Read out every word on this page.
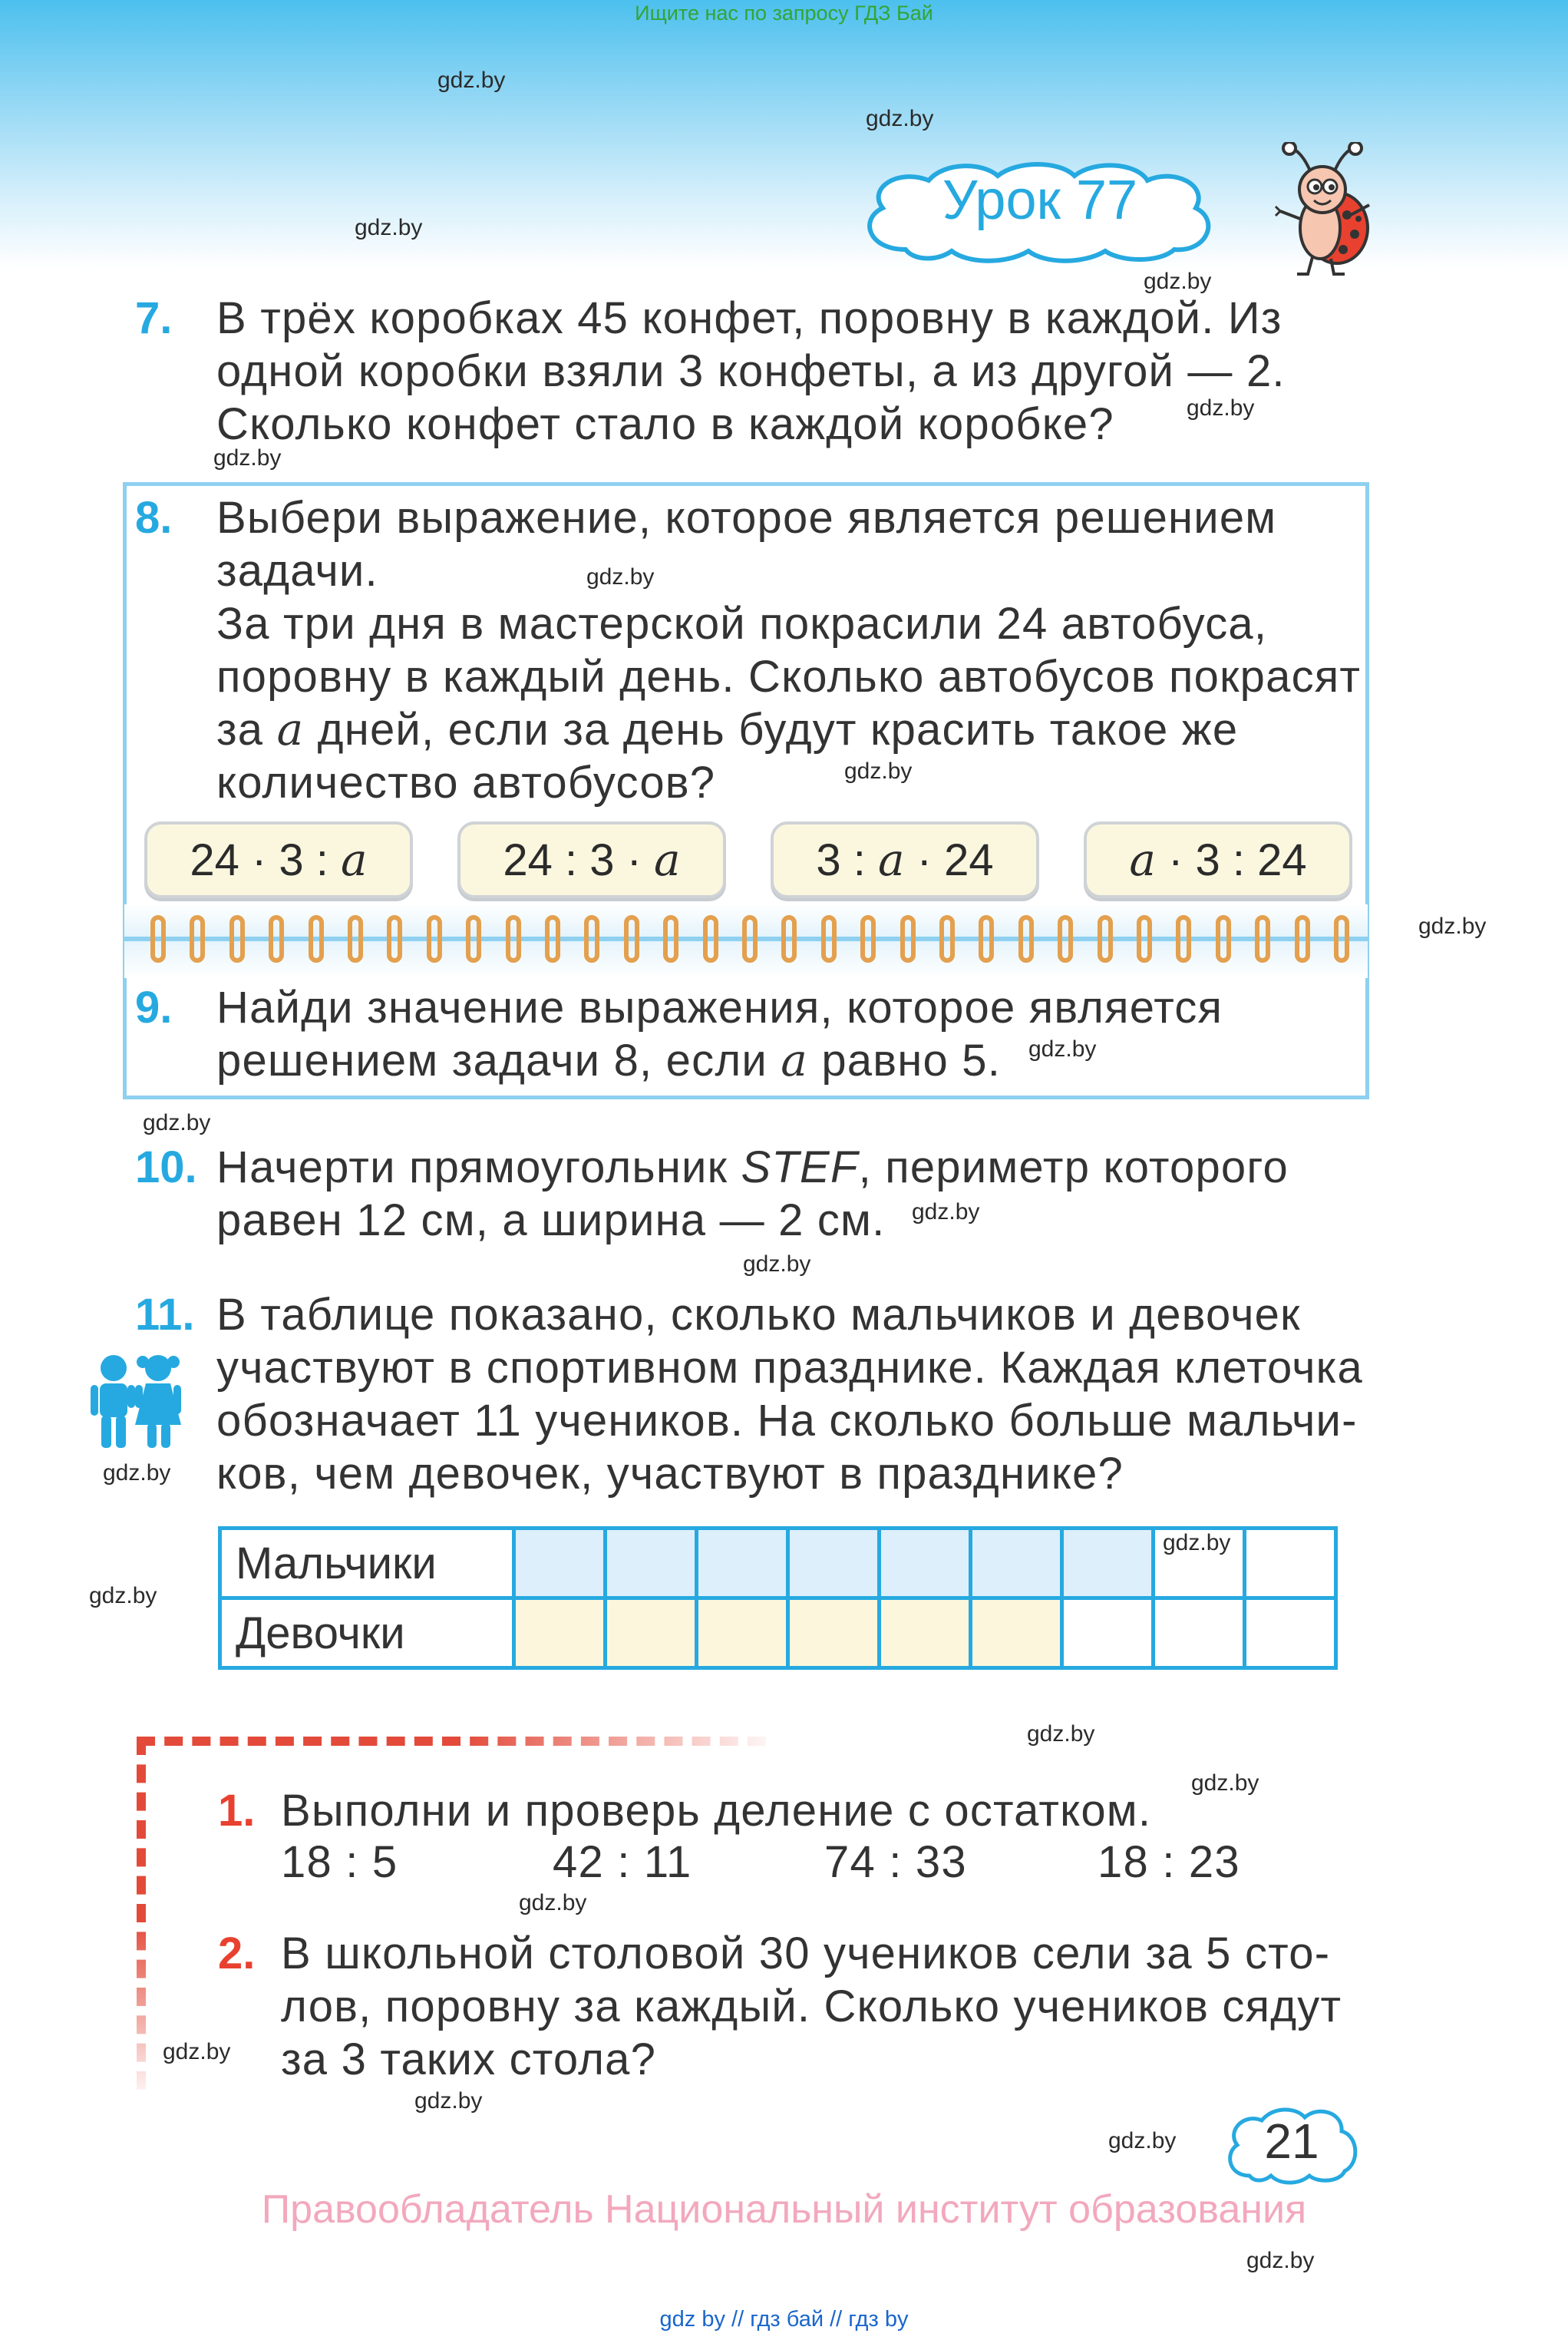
Ищите нас по запросу ГДЗ Бай
gdz.by
gdz.by
gdz.by
gdz.by
gdz.by
gdz.by
Урок 77
7. В трёх коробках 45 конфет, поровну в каждой. Из
одной коробки взяли 3 конфеты, а из другой — 2.
Сколько конфет стало в каждой коробке?
8. Выбери выражение, которое является решением
задачи.	gdz.by
За три дня в мастерской покрасили 24 автобуса,
поровну в каждый день. Сколько автобусов покрасят
за a дней, если за день будут красить такое же
количество автобусов?	gdz.by
24 · 3 : a	24 : 3 · a	3 : a · 24	a · 3 : 24
gdz.by
9. Найди значение выражения, которое является
решением задачи 8, если a равно 5. gdz.by
gdz.by
10. Начерти прямоугольник STEF, периметр которого
равен 12 см, а ширина — 2 см. gdz.by
gdz.by
11. В таблице показано, сколько мальчиков и девочек
участвуют в спортивном празднике. Каждая клеточка
обозначает 11 учеников. На сколько больше мальчи-
ков, чем девочек, участвуют в празднике?
gdz.by
gdz.by
Мальчики								gdz.by	
Девочки									
gdz.by
gdz.by
1. Выполни и проверь деление с остатком.
18 : 5	42 : 11	74 : 33	18 : 23
gdz.by
2. В школьной столовой 30 учеников сели за 5 сто-
лов, поровну за каждый. Сколько учеников сядут
за 3 таких стола?
gdz.by
gdz.by
gdz.by	21
Правообладатель Национальный институт образования
gdz.by
gdz by // гдз бай // гдз by
